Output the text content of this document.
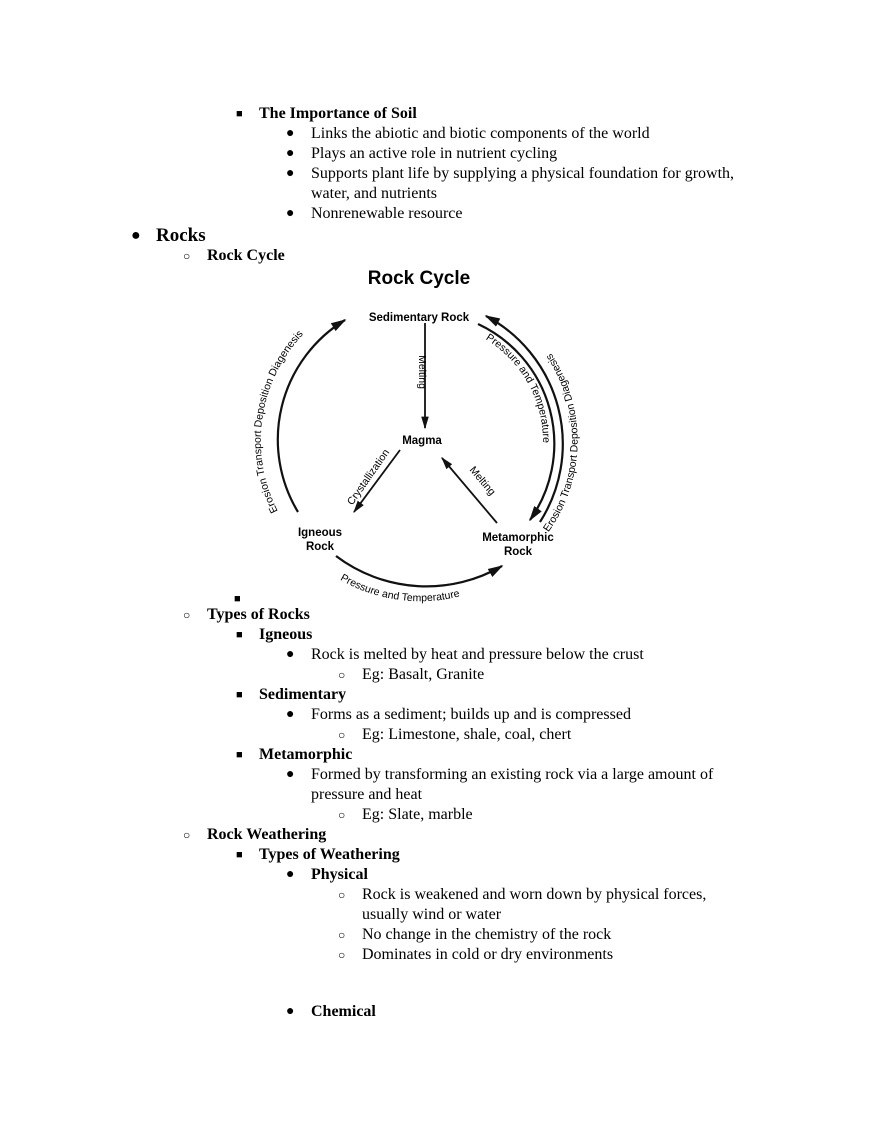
■ The Importance of Soil
● Links the abiotic and biotic components of the world
● Plays an active role in nutrient cycling
● Supports plant life by supplying a physical foundation for growth,
water, and nutrients
● Nonrenewable resource
● Rocks
○ Rock Cycle
Rock Cycle
Sedimentary Rock
Magma
Igneous
Rock
Metamorphic
Rock
Melting
Crystallization	Melting
Erosion Transport Deposition Diagenesis
Erosion Transport Deposition Diagenesis
Pressure and Temperature
Pressure and Temperature
■
○ Types of Rocks
■ Igneous
● Rock is melted by heat and pressure below the crust
○ Eg: Basalt, Granite
■ Sedimentary
● Forms as a sediment; builds up and is compressed
○ Eg: Limestone, shale, coal, chert
■ Metamorphic
● Formed by transforming an existing rock via a large amount of
pressure and heat
○ Eg: Slate, marble
○ Rock Weathering
■ Types of Weathering
● Physical
○ Rock is weakened and worn down by physical forces,
usually wind or water
○ No change in the chemistry of the rock
○ Dominates in cold or dry environments
● Chemical
